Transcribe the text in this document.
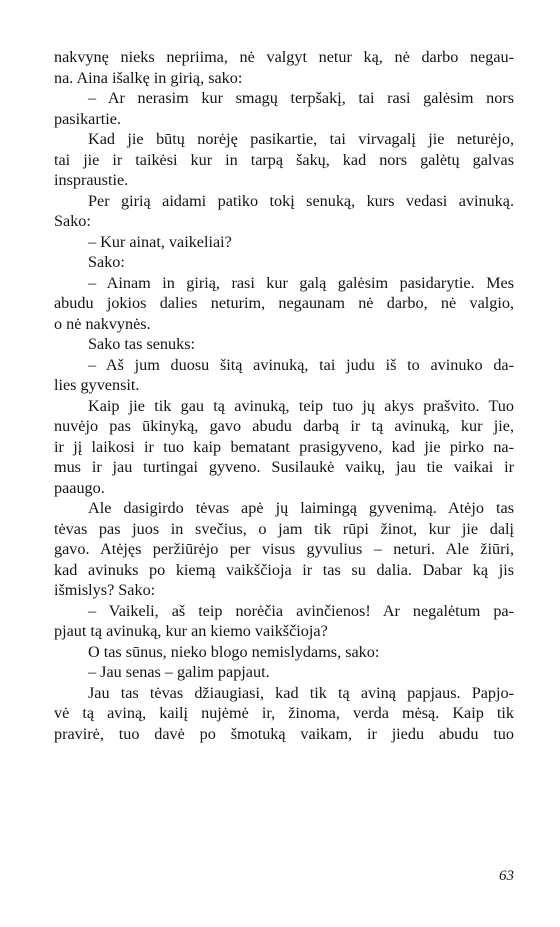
nakvynę nieks nepriima, nė valgyt netur ką, nė darbo negau-
na. Aina išalkę in girią, sako:
– Ar nerasim kur smagų terpšakį, tai rasi galėsim nors
pasikartie.
Kad jie būtų norėję pasikartie, tai virvagalį jie neturėjo,
tai jie ir taikėsi kur in tarpą šakų, kad nors galėtų galvas
inspraustie.
Per girią aidami patiko tokį senuką, kurs vedasi avinuką.
Sako:
– Kur ainat, vaikeliai?
Sako:
– Ainam in girią, rasi kur galą galėsim pasidarytie. Mes
abudu jokios dalies neturim, negaunam nė darbo, nė valgio,
o nė nakvynės.
Sako tas senuks:
– Aš jum duosu šitą avinuką, tai judu iš to avinuko da-
lies gyvensit.
Kaip jie tik gau tą avinuką, teip tuo jų akys prašvito. Tuo
nuvėjo pas ūkinyką, gavo abudu darbą ir tą avinuką, kur jie,
ir jį laikosi ir tuo kaip bematant prasigyveno, kad jie pirko na-
mus ir jau turtingai gyveno. Susilaukė vaikų, jau tie vaikai ir
paaugo.
Ale dasigirdo tėvas apė jų laimingą gyvenimą. Atėjo tas
tėvas pas juos in svečius, o jam tik rūpi žinot, kur jie dalį
gavo. Atėjęs peržiūrėjo per visus gyvulius – neturi. Ale žiūri,
kad avinuks po kiemą vaikščioja ir tas su dalia. Dabar ką jis
išmislys? Sako:
– Vaikeli, aš teip norėčia avinčienos! Ar negalėtum pa-
pjaut tą avinuką, kur an kiemo vaikščioja?
O tas sūnus, nieko blogo nemislydams, sako:
– Jau senas – galim papjaut.
Jau tas tėvas džiaugiasi, kad tik tą aviną papjaus. Papjo-
vė tą aviną, kailį nujėmė ir, žinoma, verda mėsą. Kaip tik
pravirė, tuo davė po šmotuką vaikam, ir jiedu abudu tuo
63
